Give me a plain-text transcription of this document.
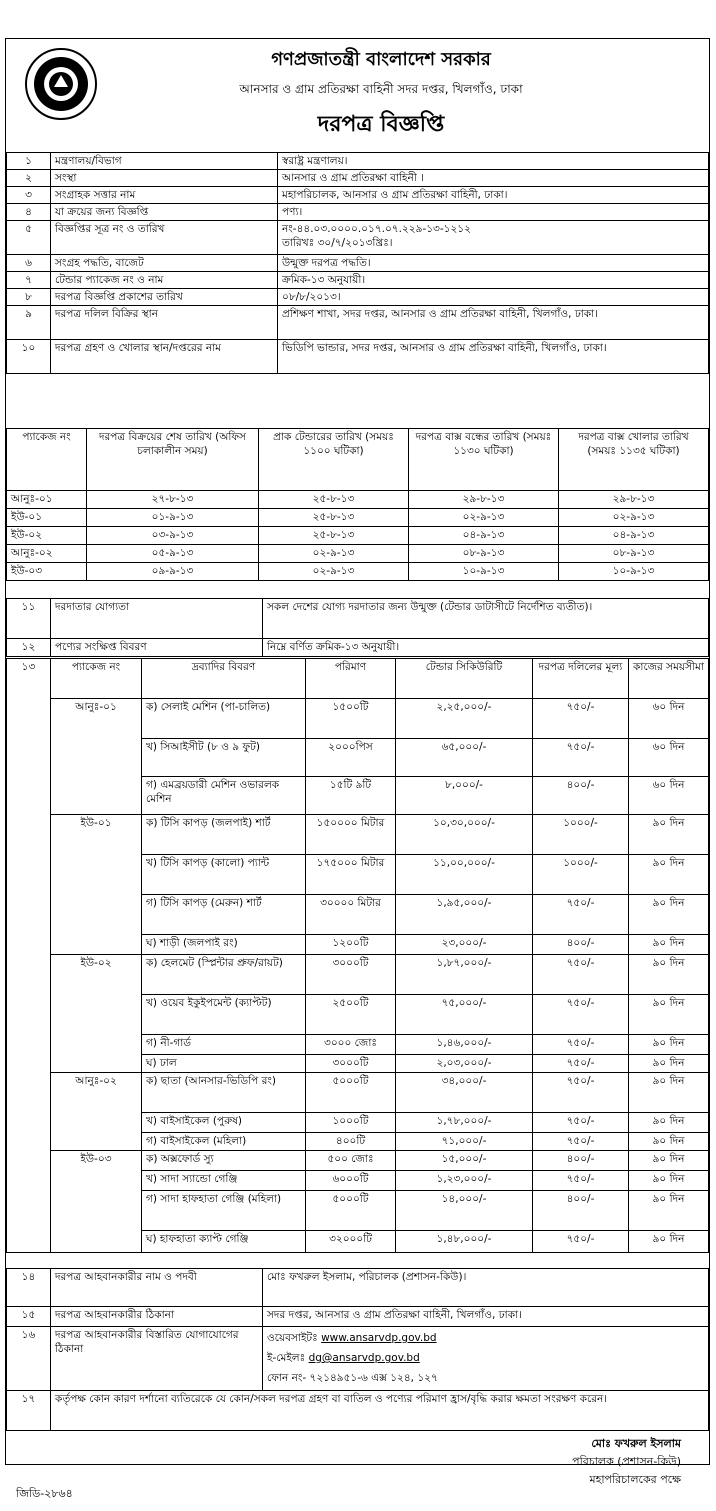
গণপ্রজাতন্ত্রী বাংলাদেশ সরকার
আনসার ও গ্রাম প্রতিরক্ষা বাহিনী সদর দপ্তর, খিলগাঁও, ঢাকা
দরপত্র বিজ্ঞপ্তি
১	মন্ত্রণালয়/বিভাগ	স্বরাষ্ট্র মন্ত্রণালয়।
২	সংস্থা	আনসার ও গ্রাম প্রতিরক্ষা বাহিনী ।
৩	সংগ্রাহক সত্তার নাম	মহাপরিচালক, আনসার ও গ্রাম প্রতিরক্ষা বাহিনী, ঢাকা।
৪	যা ক্রয়ের জন্য বিজ্ঞপ্তি	পণ্য।
৫	বিজ্ঞপ্তির সূত্র নং ও তারিখ	নং-৪৪.০৩.০০০০.০১৭.০৭.২২৯-১৩-১২১২
তারিখঃ ৩০/৭/২০১৩খ্রিঃ।

৬	সংগ্রহ পদ্ধতি, বাজেট	উন্মুক্ত দরপত্র পদ্ধতি।
৭	টেন্ডার প্যাকেজ নং ও নাম	ক্রমিক-১৩ অনুযায়ী।
৮	দরপত্র বিজ্ঞপ্তি প্রকাশের তারিখ	০৮/৮/২০১৩।
৯	দরপত্র দলিল বিক্রির স্থান	প্রশিক্ষণ শাখা, সদর দপ্তর, আনসার ও গ্রাম প্রতিরক্ষা বাহিনী, খিলগাঁও, ঢাকা।
১০	দরপত্র গ্রহণ ও খোলার স্থান/দপ্তরের নাম	ভিডিপি ভান্ডার, সদর দপ্তর, আনসার ও গ্রাম প্রতিরক্ষা বাহিনী, খিলগাঁও, ঢাকা।
প্যাকেজ নং	দরপত্র বিক্রয়ের শেষ তারিখ (অফিস চলাকালীন সময়)	প্রাক টেন্ডারের তারিখ (সময়ঃ ১১০০ ঘটিকা)	দরপত্র বাক্স বন্ধের তারিখ (সময়ঃ ১১৩০ ঘটিকা)	দরপত্র বাক্স খোলার তারিখ (সময়ঃ ১১৩৫ ঘটিকা)
আনুঃ-০১	২৭-৮-১৩	২৫-৮-১৩	২৯-৮-১৩	২৯-৮-১৩
ইউ-০১	০১-৯-১৩	২৫-৮-১৩	০২-৯-১৩	০২-৯-১৩
ইউ-০২	০৩-৯-১৩	২৫-৮-১৩	০৪-৯-১৩	০৪-৯-১৩
আনুঃ-০২	০৫-৯-১৩	০২-৯-১৩	০৮-৯-১৩	০৮-৯-১৩
ইউ-০৩	০৯-৯-১৩	০২-৯-১৩	১০-৯-১৩	১০-৯-১৩
১১	দরদাতার যোগ্যতা	সকল দেশের যোগ্য দরদাতার জন্য উন্মুক্ত (টেন্ডার ডাটাসীটে নির্দেশিত ব্যতীত)।
১২	পণ্যের সংক্ষিপ্ত বিবরণ	নিম্নে বর্ণিত ক্রমিক-১৩ অনুযায়ী।
১৩	প্যাকেজ নং	দ্রব্যাদির বিবরণ	পরিমাণ	টেন্ডার সিকিউরিটি	দরপত্র দলিলের মূল্য	কাজের সময়সীমা
	আনুঃ-০১	ক) সেলাই মেশিন (পা-চালিত)	১৫০০টি	২,২৫,০০০/-	৭৫০/-	৬০ দিন
		খ) সিআইসীট (৮ ও ৯ ফুট)	২০০০পিস	৬৫,০০০/-	৭৫০/-	৬০ দিন
		গ) এমব্রয়ডারী মেশিন ওভারলক মেশিন	১৫টি ৯টি	৮,০০০/-	৪০০/-	৬০ দিন
	ইউ-০১	ক) টিসি কাপড় (জলপাই) শার্ট	১৫০০০০ মিটার	১০,৩০,০০০/-	১০০০/-	৯০ দিন
		খ) টিসি কাপড় (কালো) প্যান্ট	১৭৫০০০ মিটার	১১,০০,০০০/-	১০০০/-	৯০ দিন
		গ) টিসি কাপড় (মেরুন) শার্ট	৩০০০০ মিটার	১,৯৫,০০০/-	৭৫০/-	৯০ দিন
		ঘ) শাড়ী (জলপাই রং)	১২০০টি	২৩,০০০/-	৪০০/-	৯০ দিন
	ইউ-০২	ক) হেলমেট (স্প্লিন্টার প্রুফ/রায়ট)	৩০০০টি	১,৮৭,০০০/-	৭৫০/-	৯০ দিন
		খ) ওয়েব ইকুইপমেন্ট (ক্যাপ্টট)	২৫০০টি	৭৫,০০০/-	৭৫০/-	৯০ দিন
		গ) নী-গার্ড	৩০০০ জোঃ	১,৪৬,০০০/-	৭৫০/-	৯০ দিন
		ঘ) ঢাল	৩০০০টি	২,০৩,০০০/-	৭৫০/-	৯০ দিন
	আনুঃ-০২	ক) ছাতা (আনসার-ভিডিপি রং)	৫০০০টি	৩৪,০০০/-	৭৫০/-	৯০ দিন
		খ) বাইসাইকেল (পুরুষ)	১০০০টি	১,৭৮,০০০/-	৭৫০/-	৯০ দিন
		গ) বাইসাইকেল (মহিলা)	৪০০টি	৭১,০০০/-	৭৫০/-	৯০ দিন
	ইউ-০৩	ক) অক্সফোর্ড স্যু	৫০০ জোঃ	১৫,০০০/-	৪০০/-	৯০ দিন
		খ) সাদা স্যান্ডো গেঞ্জি	৬০০০টি	১,২৩,০০০/-	৭৫০/-	৯০ দিন
		গ) সাদা হাফহাতা গেঞ্জি (মহিলা)	৫০০০টি	১৪,০০০/-	৪০০/-	৯০ দিন
		ঘ) হাফহাতা ক্যাপ্ট গেঞ্জি	৩২০০০টি	১,৪৮,০০০/-	৭৫০/-	৯০ দিন
১৪	দরপত্র আহবানকারীর নাম ও পদবী	মোঃ ফখরুল ইসলাম, পরিচালক (প্রশাসন-কিউ)।
১৫	দরপত্র আহবানকারীর ঠিকানা	সদর দপ্তর, আনসার ও গ্রাম প্রতিরক্ষা বাহিনী, খিলগাঁও, ঢাকা।
১৬	দরপত্র আহবানকারীর বিস্তারিত যোগাযোগের ঠিকানা	ওয়েবসাইটঃ www.ansarvdp.gov.bd
ই-মেইলঃ dg@ansarvdp.gov.bd
ফোন নং- ৭২১৪৯৫১-৬ এক্স ১২৪, ১২৭

১৭	কর্তৃপক্ষ কোন কারণ দর্শানো ব্যতিরেকে যে কোন/সকল দরপত্র গ্রহণ বা বাতিল ও পণ্যের পরিমাণ হ্রাস/বৃদ্ধি করার ক্ষমতা সংরক্ষণ করেন।	
মোঃ ফখরুল ইসলাম
পরিচালক (প্রশাসন-কিউ)
মহাপরিচালকের পক্ষে
জিডি-২৮৬৪
